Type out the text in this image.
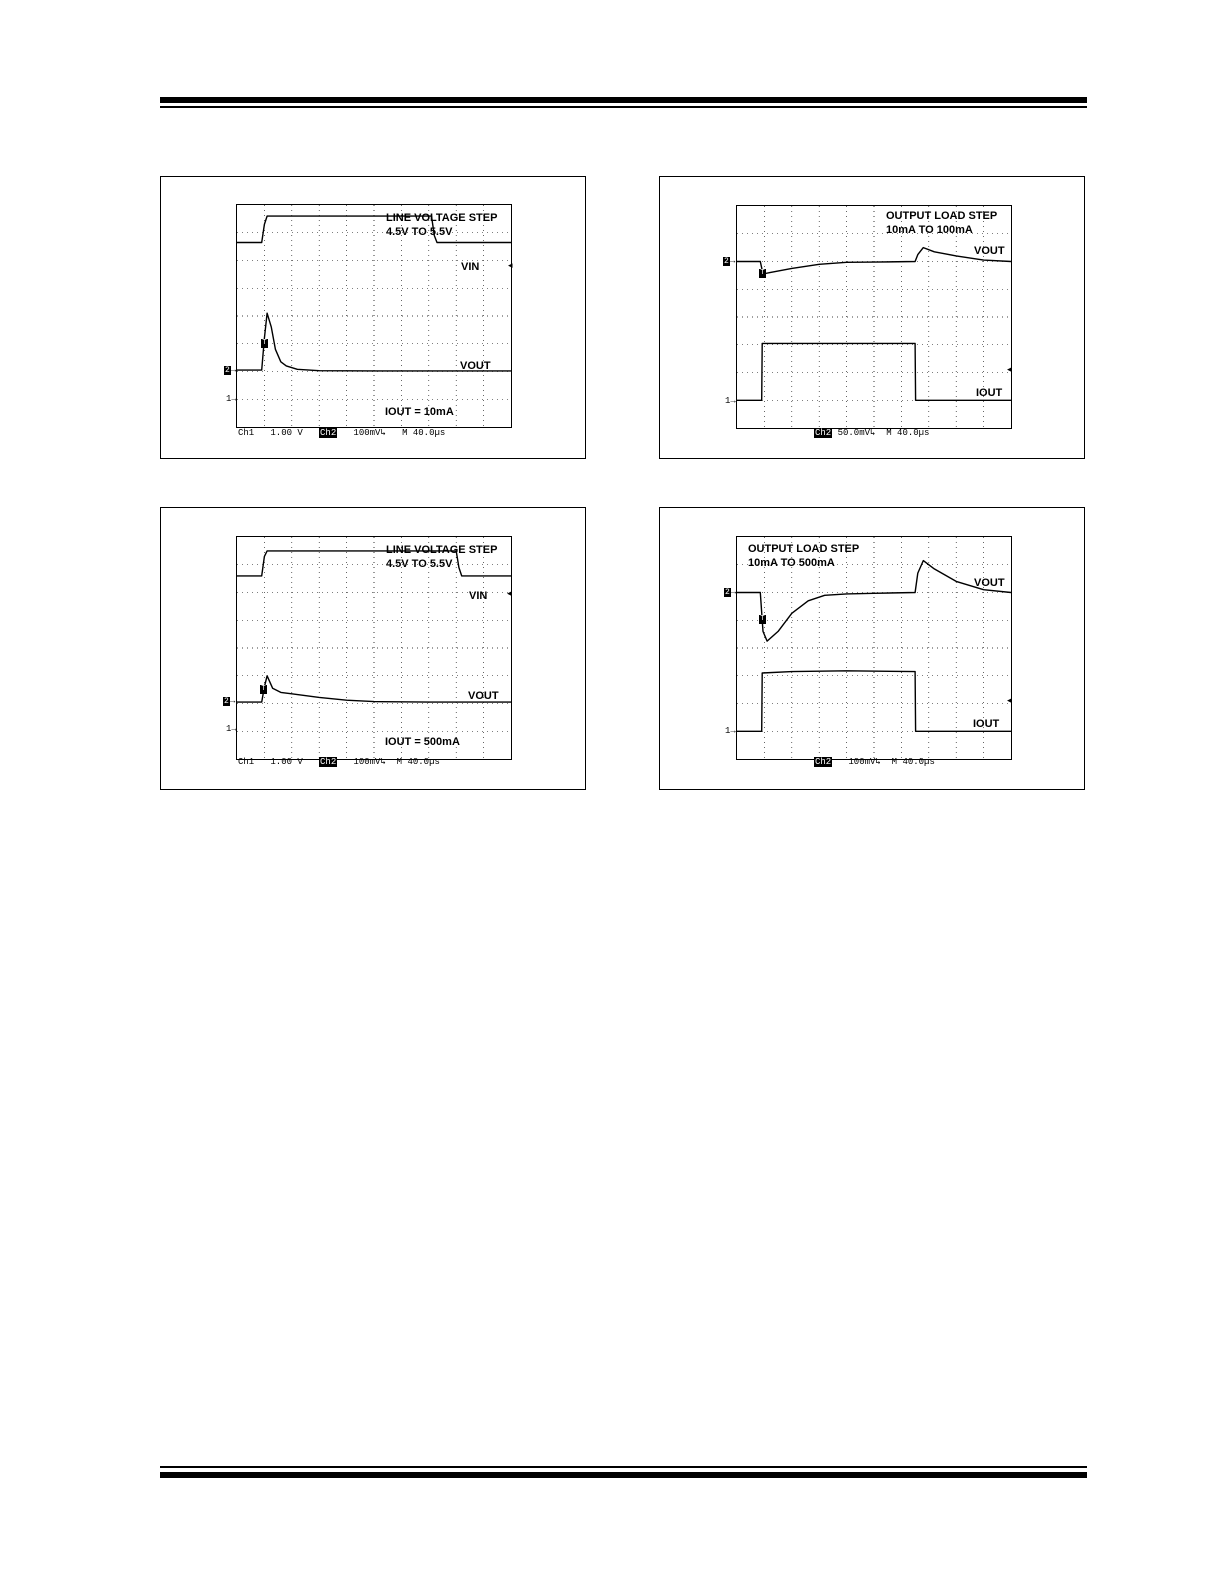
LINE VOLTAGE STEP
4.5V TO 5.5V
VIN
VOUT
IOUT = 10mA
◂
T
2→
1→
Ch1 1.00 V Ch2 100mV↳ M 40.0µs
OUTPUT LOAD STEP
10mA TO 100mA
VOUT
IOUT
◂
T
2→
1→
Ch2 50.0mV↳ M 40.0µs
LINE VOLTAGE STEP
4.5V TO 5.5V
VIN
VOUT
IOUT = 500mA
◂
T
2→
1→
Ch1 1.00 V Ch2 100mV↳ M 40.0µs
OUTPUT LOAD STEP
10mA TO 500mA
VOUT
IOUT
◂
T
2→
1→
Ch2 100mV↳ M 40.0µs
